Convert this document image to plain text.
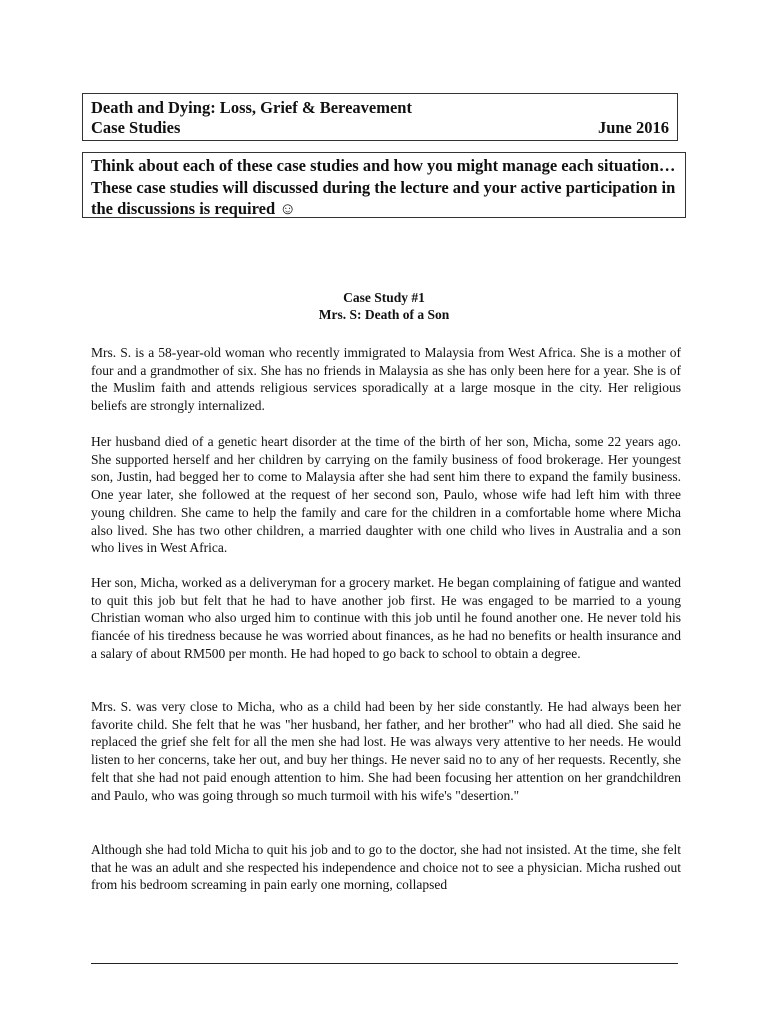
Death and Dying: Loss, Grief & Bereavement
Case Studies	June 2016
Think about each of these case studies and how you might manage each situation… These case studies will discussed during the lecture and your active participation in the discussions is required ☺
Case Study #1
Mrs. S: Death of a Son
Mrs. S. is a 58-year-old woman who recently immigrated to Malaysia from West Africa. She is a mother of four and a grandmother of six. She has no friends in Malaysia as she has only been here for a year. She is of the Muslim faith and attends religious services sporadically at a large mosque in the city. Her religious beliefs are strongly internalized.
Her husband died of a genetic heart disorder at the time of the birth of her son, Micha, some 22 years ago. She supported herself and her children by carrying on the family business of food brokerage. Her youngest son, Justin, had begged her to come to Malaysia after she had sent him there to expand the family business. One year later, she followed at the request of her second son, Paulo, whose wife had left him with three young children. She came to help the family and care for the children in a comfortable home where Micha also lived. She has two other children, a married daughter with one child who lives in Australia and a son who lives in West Africa.
Her son, Micha, worked as a deliveryman for a grocery market. He began complaining of fatigue and wanted to quit this job but felt that he had to have another job first. He was engaged to be married to a young Christian woman who also urged him to continue with this job until he found another one. He never told his fiancée of his tiredness because he was worried about finances, as he had no benefits or health insurance and a salary of about RM500 per month. He had hoped to go back to school to obtain a degree.
Mrs. S. was very close to Micha, who as a child had been by her side constantly. He had always been her favorite child. She felt that he was "her husband, her father, and her brother" who had all died. She said he replaced the grief she felt for all the men she had lost. He was always very attentive to her needs. He would listen to her concerns, take her out, and buy her things. He never said no to any of her requests. Recently, she felt that she had not paid enough attention to him. She had been focusing her attention on her grandchildren and Paulo, who was going through so much turmoil with his wife's "desertion."
Although she had told Micha to quit his job and to go to the doctor, she had not insisted. At the time, she felt that he was an adult and she respected his independence and choice not to see a physician. Micha rushed out from his bedroom screaming in pain early one morning, collapsed
